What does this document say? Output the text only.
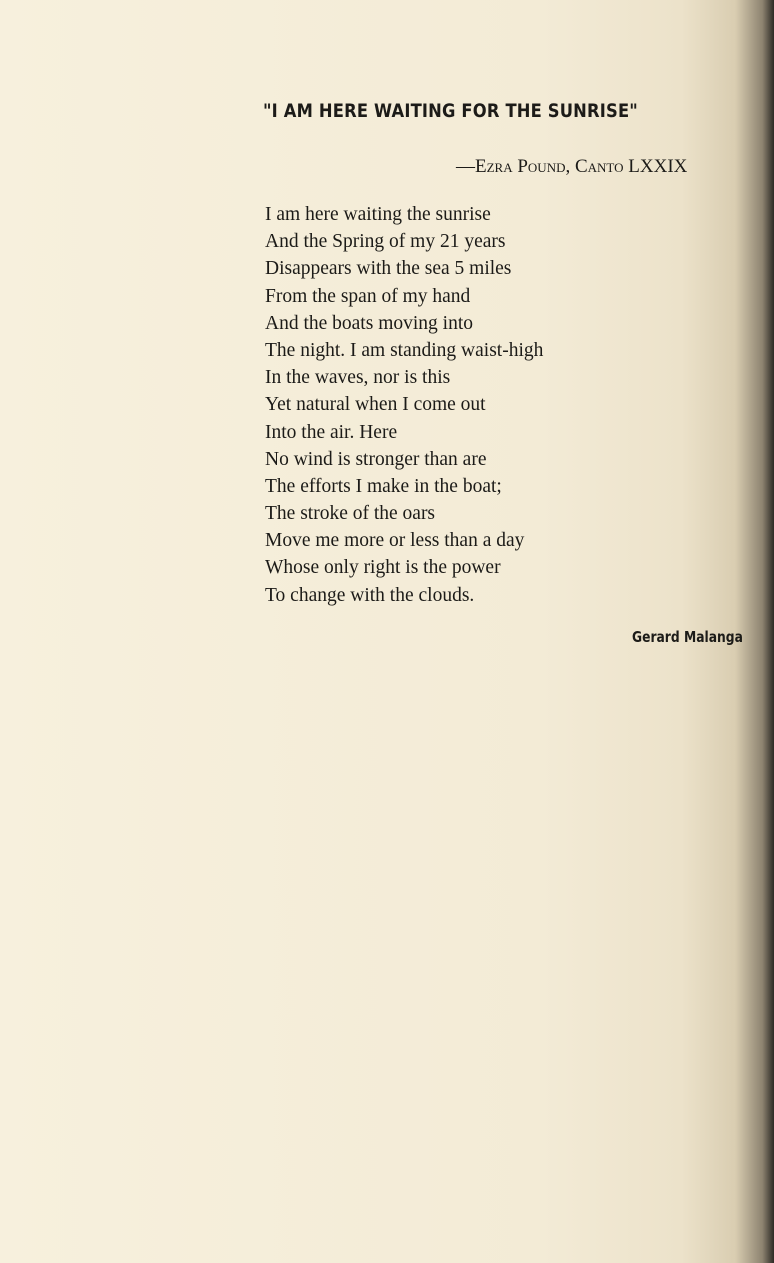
"I AM HERE WAITING FOR THE SUNRISE"
—Ezra Pound, Canto LXXIX
I am here waiting the sunrise
And the Spring of my 21 years
Disappears with the sea 5 miles
From the span of my hand
And the boats moving into
The night. I am standing waist-high
In the waves, nor is this
Yet natural when I come out
Into the air. Here
No wind is stronger than are
The efforts I make in the boat;
The stroke of the oars
Move me more or less than a day
Whose only right is the power
To change with the clouds.
Gerard Malanga
